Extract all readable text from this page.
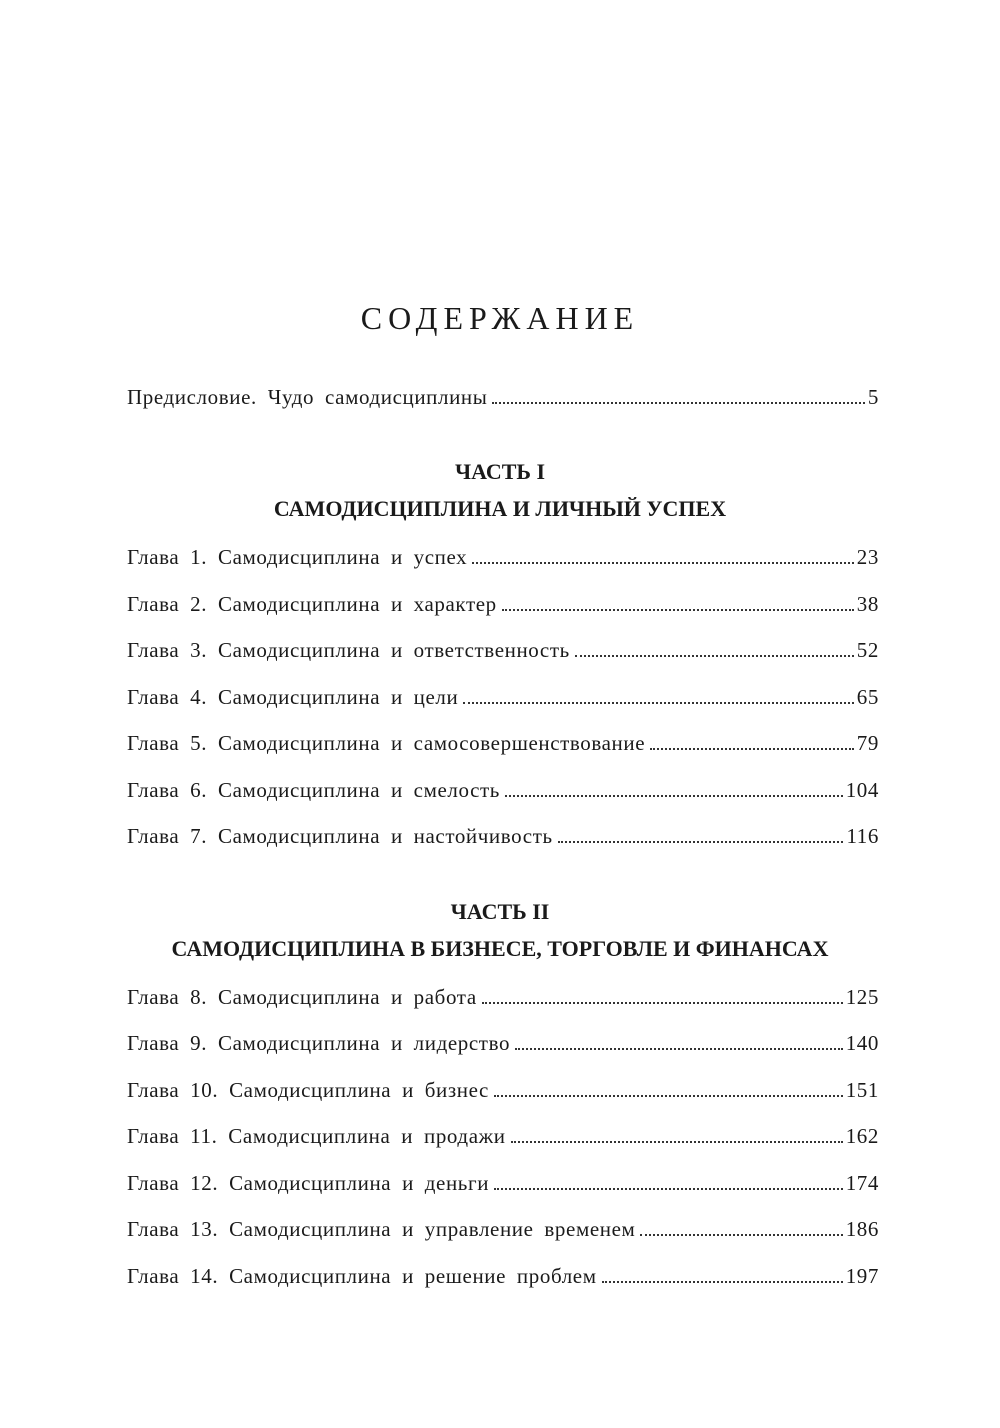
СОДЕРЖАНИЕ
Предисловие. Чудо самодисциплины	5
ЧАСТЬ I
САМОДИСЦИПЛИНА И ЛИЧНЫЙ УСПЕХ
Глава 1. Самодисциплина и успех	23
Глава 2. Самодисциплина и характер	38
Глава 3. Самодисциплина и ответственность	52
Глава 4. Самодисциплина и цели	65
Глава 5. Самодисциплина и самосовершенствование	79
Глава 6. Самодисциплина и смелость	104
Глава 7. Самодисциплина и настойчивость	116
ЧАСТЬ II
САМОДИСЦИПЛИНА В БИЗНЕСЕ, ТОРГОВЛЕ И ФИНАНСАХ
Глава 8. Самодисциплина и работа	125
Глава 9. Самодисциплина и лидерство	140
Глава 10. Самодисциплина и бизнес	151
Глава 11. Самодисциплина и продажи	162
Глава 12. Самодисциплина и деньги	174
Глава 13. Самодисциплина и управление временем	186
Глава 14. Самодисциплина и решение проблем	197
